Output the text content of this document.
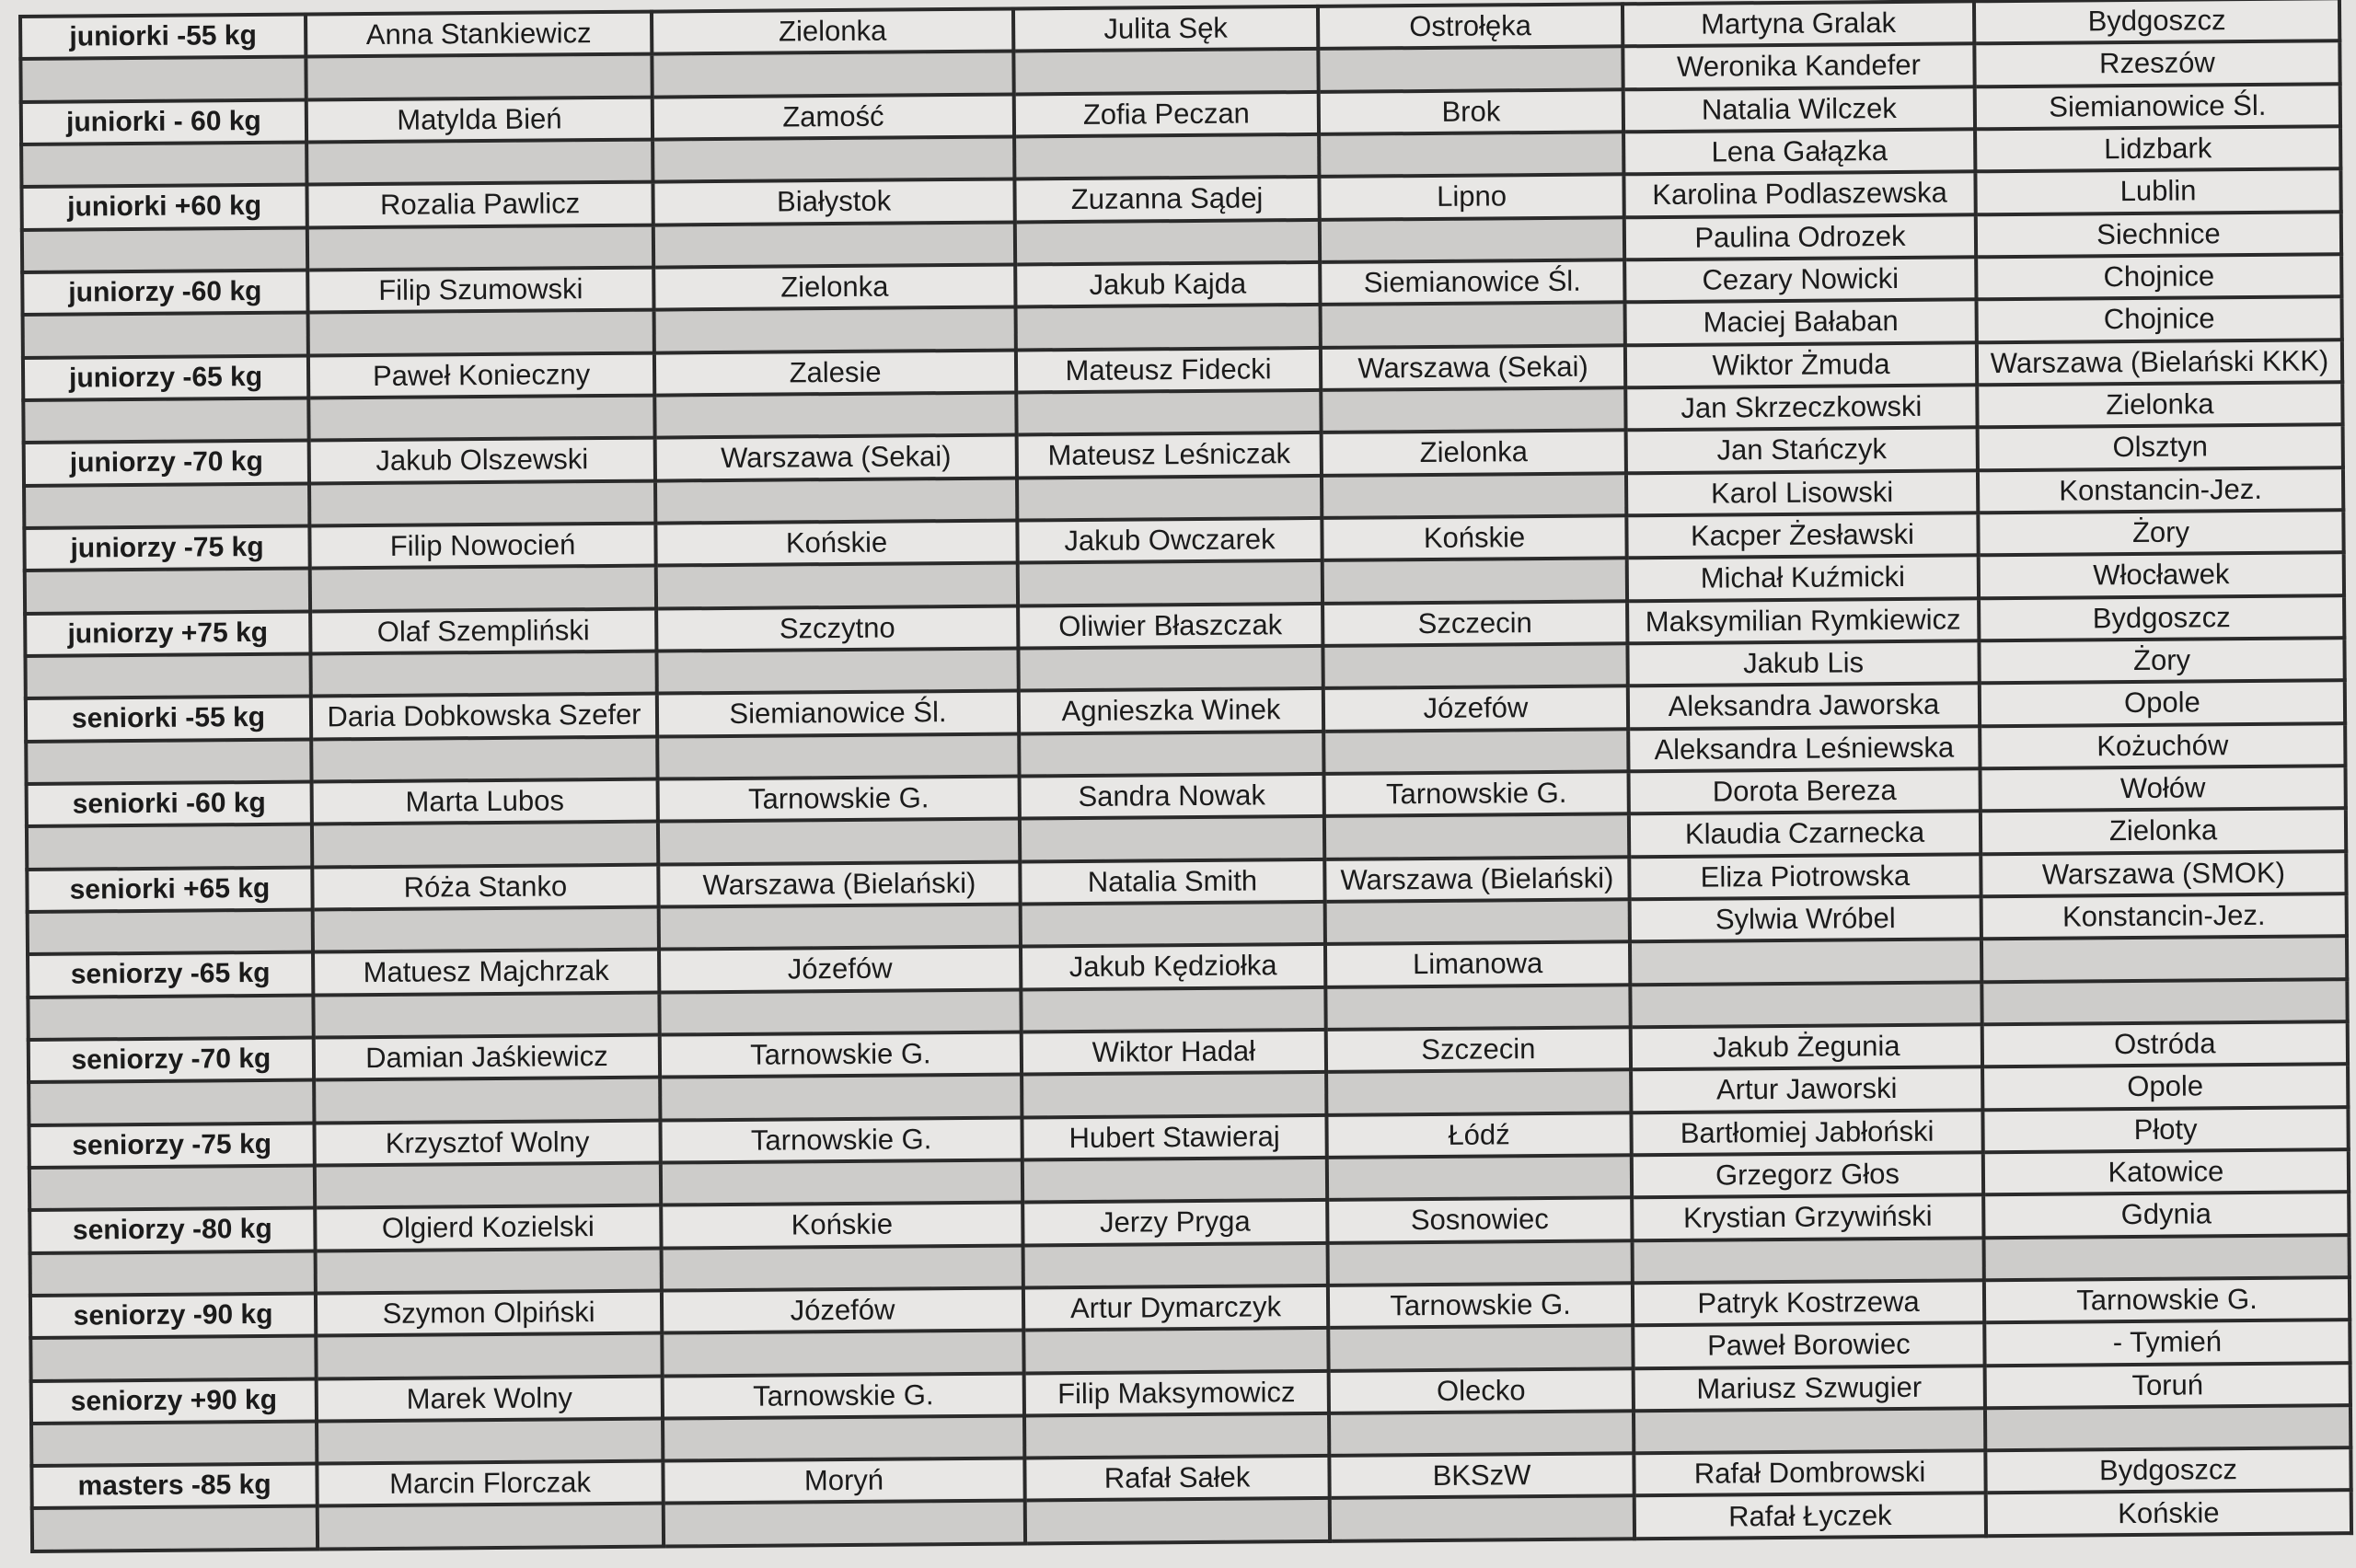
juniorki -55 kg	Anna Stankiewicz	Zielonka	Julita Sęk	Ostrołęka	Martyna Gralak	Bydgoszcz
					Weronika Kandefer	Rzeszów
juniorki - 60 kg	Matylda Bień	Zamość	Zofia Peczan	Brok	Natalia Wilczek	Siemianowice Śl.
					Lena Gałązka	Lidzbark
juniorki +60 kg	Rozalia Pawlicz	Białystok	Zuzanna Sądej	Lipno	Karolina Podlaszewska	Lublin
					Paulina Odrozek	Siechnice
juniorzy -60 kg	Filip Szumowski	Zielonka	Jakub Kajda	Siemianowice Śl.	Cezary Nowicki	Chojnice
					Maciej Bałaban	Chojnice
juniorzy -65 kg	Paweł Konieczny	Zalesie	Mateusz Fidecki	Warszawa (Sekai)	Wiktor Żmuda	Warszawa (Bielański KKK)
					Jan Skrzeczkowski	Zielonka
juniorzy -70 kg	Jakub Olszewski	Warszawa (Sekai)	Mateusz Leśniczak	Zielonka	Jan Stańczyk	Olsztyn
					Karol Lisowski	Konstancin-Jez.
juniorzy -75 kg	Filip Nowocień	Końskie	Jakub Owczarek	Końskie	Kacper Żesławski	Żory
					Michał Kuźmicki	Włocławek
juniorzy +75 kg	Olaf Szempliński	Szczytno	Oliwier Błaszczak	Szczecin	Maksymilian Rymkiewicz	Bydgoszcz
					Jakub Lis	Żory
seniorki -55 kg	Daria Dobkowska Szefer	Siemianowice Śl.	Agnieszka Winek	Józefów	Aleksandra Jaworska	Opole
					Aleksandra Leśniewska	Kożuchów
seniorki -60 kg	Marta Lubos	Tarnowskie G.	Sandra Nowak	Tarnowskie G.	Dorota Bereza	Wołów
					Klaudia Czarnecka	Zielonka
seniorki +65 kg	Róża Stanko	Warszawa (Bielański)	Natalia Smith	Warszawa (Bielański)	Eliza Piotrowska	Warszawa (SMOK)
					Sylwia Wróbel	Konstancin-Jez.
seniorzy -65 kg	Matuesz Majchrzak	Józefów	Jakub Kędziołka	Limanowa		

seniorzy -70 kg	Damian Jaśkiewicz	Tarnowskie G.	Wiktor Hadał	Szczecin	Jakub Żegunia	Ostróda
					Artur Jaworski	Opole
seniorzy -75 kg	Krzysztof Wolny	Tarnowskie G.	Hubert Stawieraj	Łódź	Bartłomiej Jabłoński	Płoty
					Grzegorz Głos	Katowice
seniorzy -80 kg	Olgierd Kozielski	Końskie	Jerzy Pryga	Sosnowiec	Krystian Grzywiński	Gdynia

seniorzy -90 kg	Szymon Olpiński	Józefów	Artur Dymarczyk	Tarnowskie G.	Patryk Kostrzewa	Tarnowskie G.
					Paweł Borowiec	- Tymień
seniorzy +90 kg	Marek Wolny	Tarnowskie G.	Filip Maksymowicz	Olecko	Mariusz Szwugier	Toruń

masters -85 kg	Marcin Florczak	Moryń	Rafał Sałek	BKSzW	Rafał Dombrowski	Bydgoszcz
					Rafał Łyczek	Końskie
